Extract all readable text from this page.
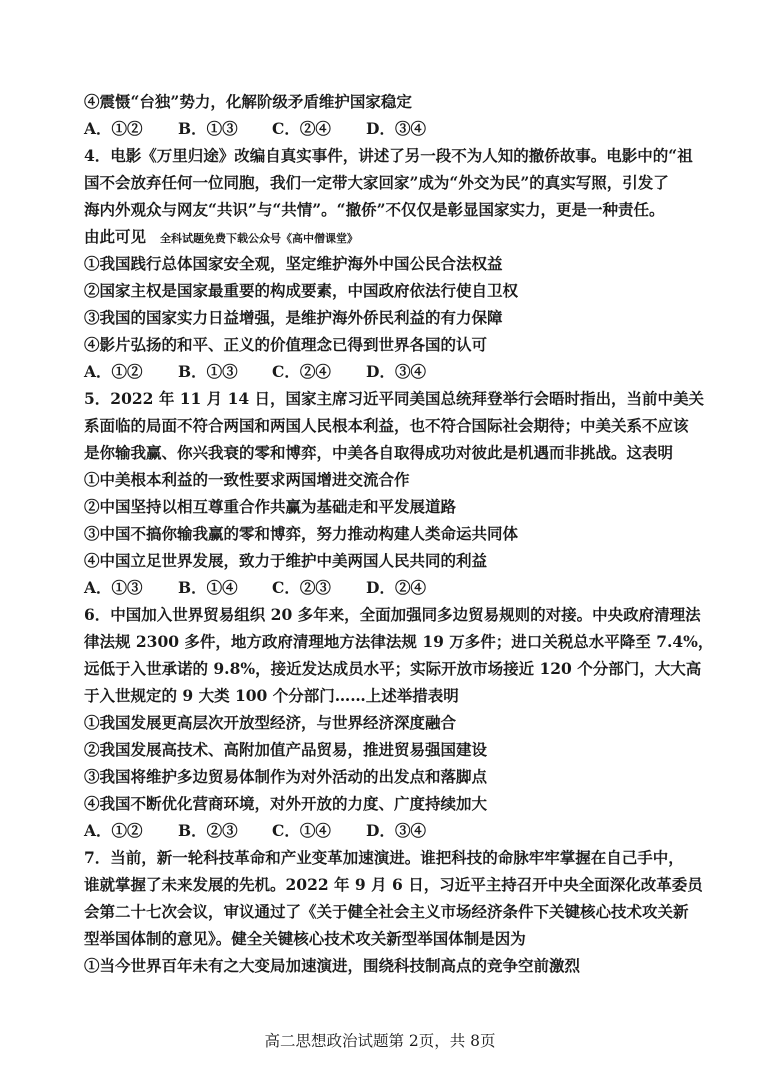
④震慑“台独”势力，化解阶级矛盾维护国家稳定
A．①② B．①③ C．②④ D．③④
4．电影《万里归途》改编自真实事件，讲述了另一段不为人知的撤侨故事。电影中的“祖
国不会放弃任何一位同胞，我们一定带大家回家”成为“外交为民”的真实写照，引发了
海内外观众与网友“共识”与“共情”。“撤侨”不仅仅是彰显国家实力，更是一种责任。
由此可见 全科试题免费下载公众号《高中僧课堂》
①我国践行总体国家安全观，坚定维护海外中国公民合法权益
②国家主权是国家最重要的构成要素，中国政府依法行使自卫权
③我国的国家实力日益增强，是维护海外侨民利益的有力保障
④影片弘扬的和平、正义的价值理念已得到世界各国的认可
A．①② B．①③ C．②④ D．③④
5．2022 年 11 月 14 日，国家主席习近平同美国总统拜登举行会晤时指出，当前中美关
系面临的局面不符合两国和两国人民根本利益，也不符合国际社会期待；中美关系不应该
是你输我赢、你兴我衰的零和博弈，中美各自取得成功对彼此是机遇而非挑战。这表明
①中美根本利益的一致性要求两国增进交流合作
②中国坚持以相互尊重合作共赢为基础走和平发展道路
③中国不搞你输我赢的零和博弈，努力推动构建人类命运共同体
④中国立足世界发展，致力于维护中美两国人民共同的利益
A．①③ B．①④ C．②③ D．②④
6．中国加入世界贸易组织 20 多年来，全面加强同多边贸易规则的对接。中央政府清理法
律法规 2300 多件，地方政府清理地方法律法规 19 万多件；进口关税总水平降至 7.4%，
远低于入世承诺的 9.8%，接近发达成员水平；实际开放市场接近 120 个分部门，大大高
于入世规定的 9 大类 100 个分部门……上述举措表明
①我国发展更高层次开放型经济，与世界经济深度融合
②我国发展高技术、高附加值产品贸易，推进贸易强国建设
③我国将维护多边贸易体制作为对外活动的出发点和落脚点
④我国不断优化营商环境，对外开放的力度、广度持续加大
A．①② B．②③ C．①④ D．③④
7．当前，新一轮科技革命和产业变革加速演进。谁把科技的命脉牢牢掌握在自己手中，
谁就掌握了未来发展的先机。2022 年 9 月 6 日，习近平主持召开中央全面深化改革委员
会第二十七次会议，审议通过了《关于健全社会主义市场经济条件下关键核心技术攻关新
型举国体制的意见》。健全关键核心技术攻关新型举国体制是因为
①当今世界百年未有之大变局加速演进，围绕科技制高点的竞争空前激烈
高二思想政治试题第 2页，共 8页
